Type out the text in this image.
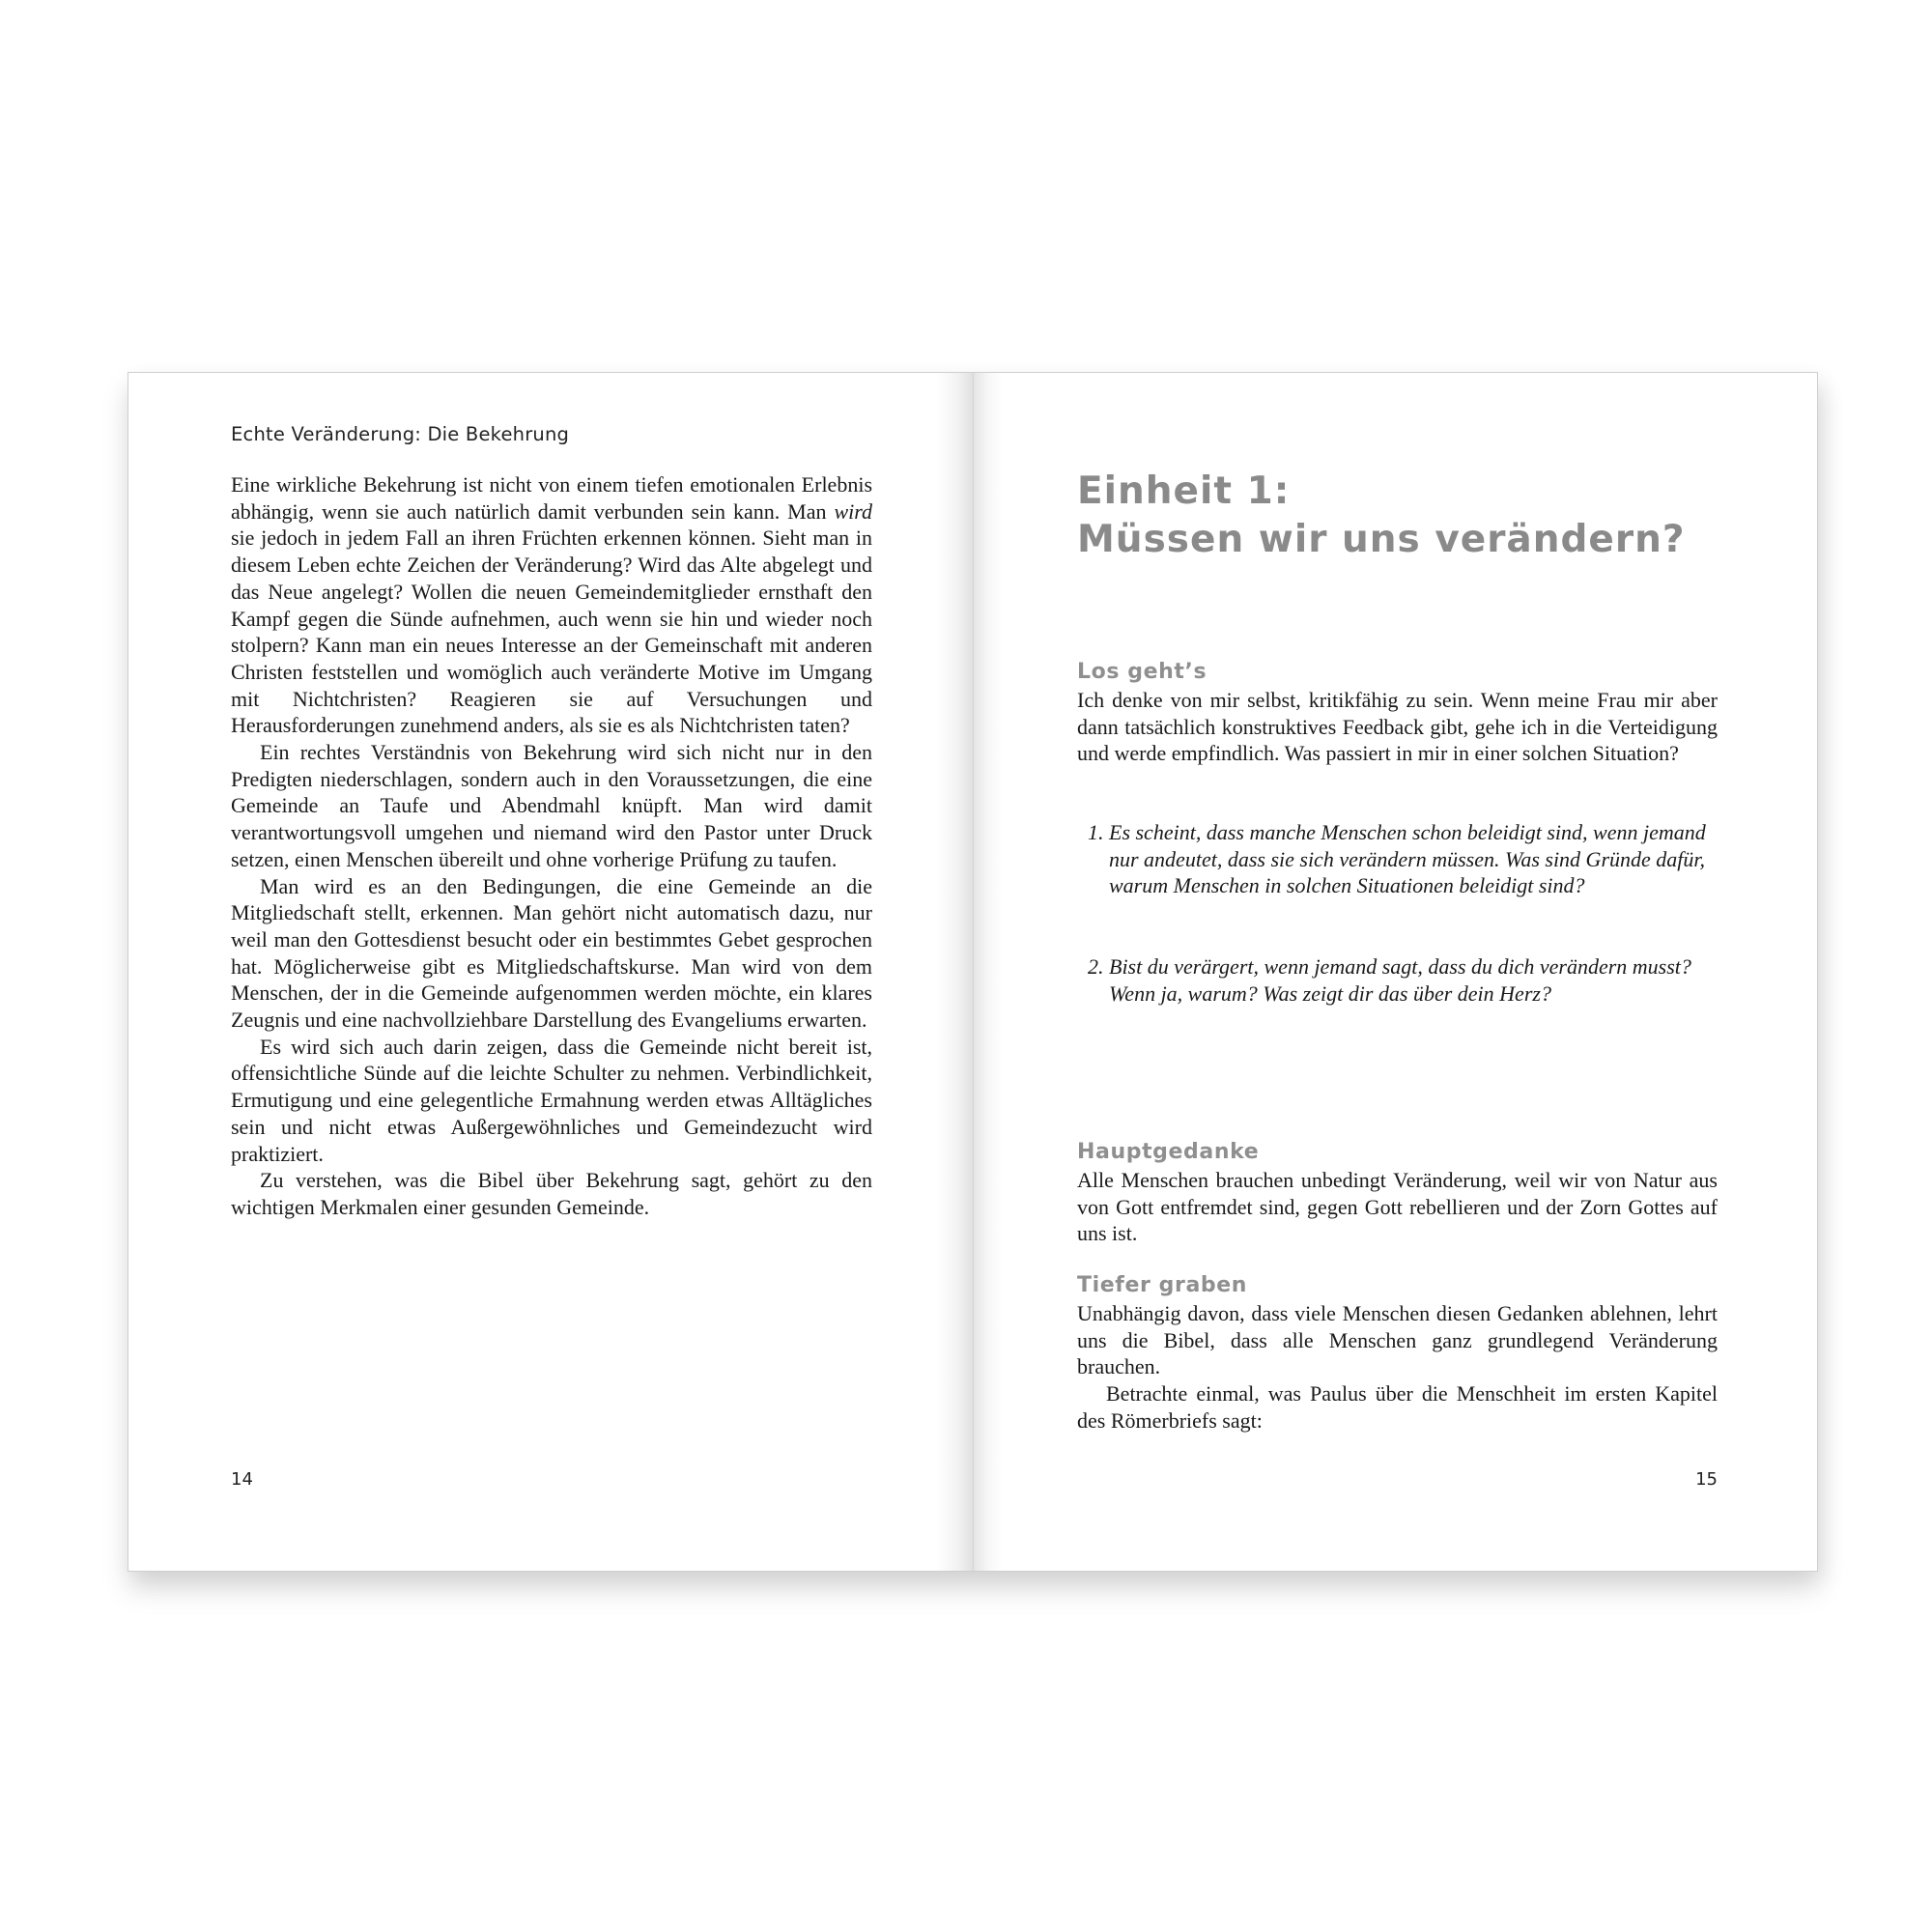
Echte Veränderung: Die Bekehrung

Eine wirkliche Bekehrung ist nicht von einem tiefen emotionalen Erlebnis abhängig, wenn sie auch natürlich damit verbunden sein kann. Man wird sie jedoch in jedem Fall an ihren Früchten erkennen können. Sieht man in diesem Leben echte Zeichen der Veränderung? Wird das Alte abgelegt und das Neue angelegt? Wollen die neuen Gemeindemitglieder ernsthaft den Kampf gegen die Sünde aufnehmen, auch wenn sie hin und wieder noch stolpern? Kann man ein neues Interesse an der Gemeinschaft mit anderen Christen feststellen und womöglich auch veränderte Motive im Umgang mit Nichtchristen? Reagieren sie auf Versuchungen und Herausforderungen zunehmend anders, als sie es als Nichtchristen taten?

Ein rechtes Verständnis von Bekehrung wird sich nicht nur in den Predigten niederschlagen, sondern auch in den Voraussetzungen, die eine Gemeinde an Taufe und Abendmahl knüpft. Man wird damit verantwortungsvoll umgehen und niemand wird den Pastor unter Druck setzen, einen Menschen übereilt und ohne vorherige Prüfung zu taufen.

Man wird es an den Bedingungen, die eine Gemeinde an die Mitgliedschaft stellt, erkennen. Man gehört nicht automatisch dazu, nur weil man den Gottesdienst besucht oder ein bestimmtes Gebet gesprochen hat. Möglicherweise gibt es Mitgliedschaftskurse. Man wird von dem Menschen, der in die Gemeinde aufgenommen werden möchte, ein klares Zeugnis und eine nachvollziehbare Darstellung des Evangeliums erwarten.

Es wird sich auch darin zeigen, dass die Gemeinde nicht bereit ist, offensichtliche Sünde auf die leichte Schulter zu nehmen. Verbindlichkeit, Ermutigung und eine gelegentliche Ermahnung werden etwas Alltägliches sein und nicht etwas Außergewöhnliches und Gemeindezucht wird praktiziert.

Zu verstehen, was die Bibel über Bekehrung sagt, gehört zu den wichtigen Merkmalen einer gesunden Gemeinde.

14
Einheit 1:
Müssen wir uns verändern?
Los geht’s

Ich denke von mir selbst, kritikfähig zu sein. Wenn meine Frau mir aber dann tatsächlich konstruktives Feedback gibt, gehe ich in die Verteidigung und werde empfindlich. Was passiert in mir in einer solchen Situation?

1. Es scheint, dass manche Menschen schon beleidigt sind, wenn jemand nur andeutet, dass sie sich verändern müssen. Was sind Gründe dafür, warum Menschen in solchen Situationen beleidigt sind?
2. Bist du verärgert, wenn jemand sagt, dass du dich verändern musst? Wenn ja, warum? Was zeigt dir das über dein Herz?
Hauptgedanke

Alle Menschen brauchen unbedingt Veränderung, weil wir von Natur aus von Gott entfremdet sind, gegen Gott rebellieren und der Zorn Gottes auf uns ist.

Tiefer graben

Unabhängig davon, dass viele Menschen diesen Gedanken ablehnen, lehrt uns die Bibel, dass alle Menschen ganz grundlegend Veränderung brauchen.

Betrachte einmal, was Paulus über die Menschheit im ersten Kapitel des Römerbriefs sagt:

15
